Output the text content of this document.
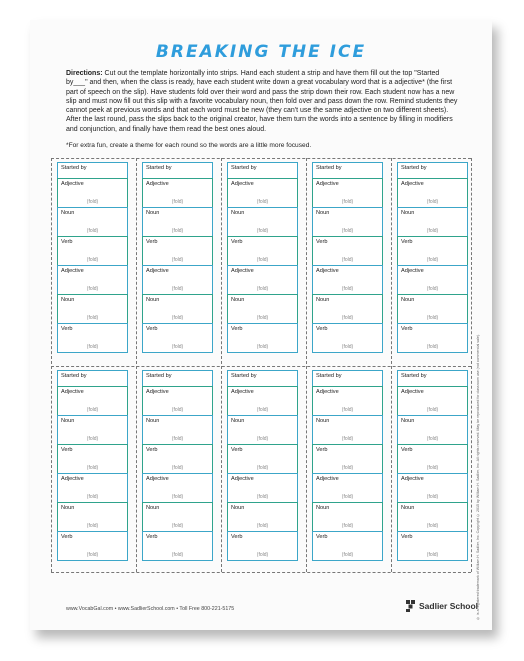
BREAKING THE ICE
Directions: Cut out the template horizontally into strips. Hand each student a strip and have them fill out the top "Started by___" and then, when the class is ready, have each student write down a great vocabulary word that is a adjective* (the first part of speech on the slip). Have students fold over their word and pass the strip down their row. Each student now has a new slip and must now fill out this slip with a favorite vocabulary noun, then fold over and pass down the row. Remind students they cannot peek at previous words and that each word must be new (they can't use the same adjective on two different sheets). After the last round, pass the slips back to the original creator, have them turn the words into a sentence by filling in modifiers and conjunction, and finally have them read the best ones aloud.
*For extra fun, create a theme for each round so the words are a little more focused.
Started by
Adjective
(fold)
Noun
(fold)
Verb
(fold)
Adjective
(fold)
Noun
(fold)
Verb
(fold)
Started by
Adjective
(fold)
Noun
(fold)
Verb
(fold)
Adjective
(fold)
Noun
(fold)
Verb
(fold)
Started by
Adjective
(fold)
Noun
(fold)
Verb
(fold)
Adjective
(fold)
Noun
(fold)
Verb
(fold)
Started by
Adjective
(fold)
Noun
(fold)
Verb
(fold)
Adjective
(fold)
Noun
(fold)
Verb
(fold)
Started by
Adjective
(fold)
Noun
(fold)
Verb
(fold)
Adjective
(fold)
Noun
(fold)
Verb
(fold)
Started by
Adjective
(fold)
Noun
(fold)
Verb
(fold)
Adjective
(fold)
Noun
(fold)
Verb
(fold)
Started by
Adjective
(fold)
Noun
(fold)
Verb
(fold)
Adjective
(fold)
Noun
(fold)
Verb
(fold)
Started by
Adjective
(fold)
Noun
(fold)
Verb
(fold)
Adjective
(fold)
Noun
(fold)
Verb
(fold)
Started by
Adjective
(fold)
Noun
(fold)
Verb
(fold)
Adjective
(fold)
Noun
(fold)
Verb
(fold)
Started by
Adjective
(fold)
Noun
(fold)
Verb
(fold)
Adjective
(fold)
Noun
(fold)
Verb
(fold)
www.VocabGal.com • www.SadlierSchool.com • Toll Free 800-221-5175	Sadlier School
® is a registered trademark of William H. Sadlier, Inc. Copyright © 2015 by William H. Sadlier, Inc. All rights reserved. May be reproduced for classroom use (not commercial sale).
